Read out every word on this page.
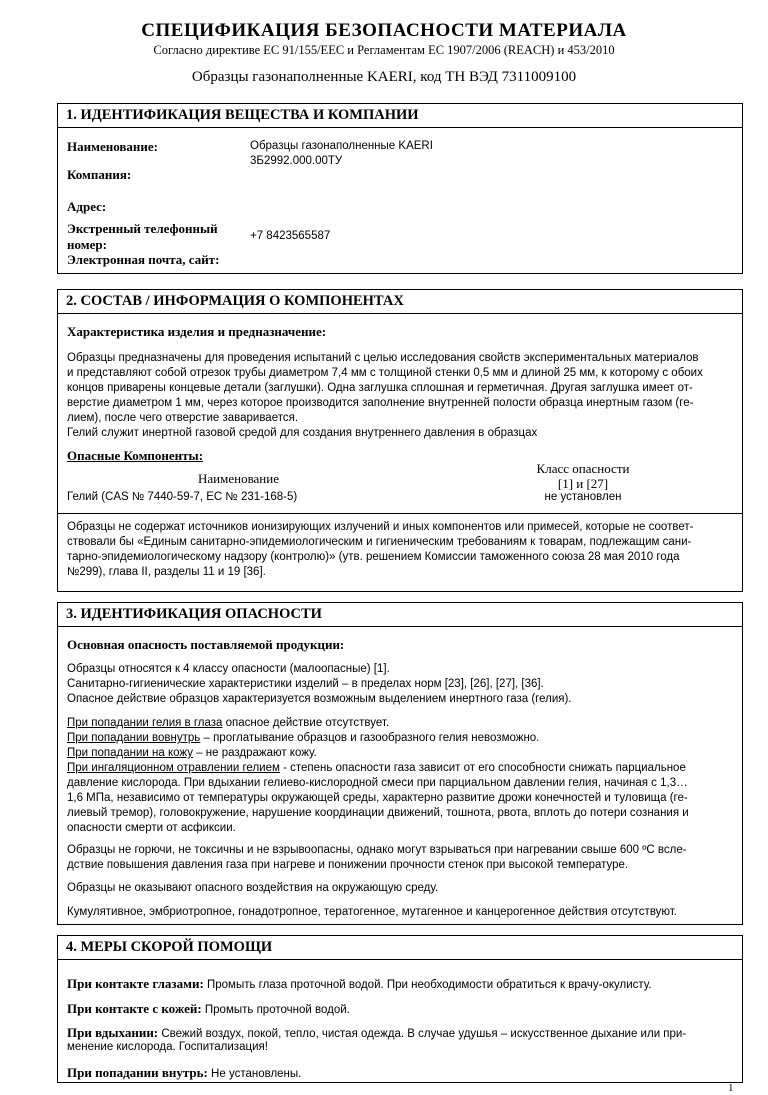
СПЕЦИФИКАЦИЯ БЕЗОПАСНОСТИ МАТЕРИАЛА
Согласно директиве ЕС 91/155/ЕЕС и Регламентам ЕС 1907/2006 (REACH) и 453/2010
Образцы газонаполненные KAERI, код ТН ВЭД 7311009100
1. ИДЕНТИФИКАЦИЯ ВЕЩЕСТВА И КОМПАНИИ
Наименование:	Образцы газонаполненные KAERI
3Б2992.000.00ТУ
Компания:
Адрес:
Экстренный телефонный
номер:
+7 8423565587
Электронная почта, сайт:
2. СОСТАВ / ИНФОРМАЦИЯ О КОМПОНЕНТАХ
Характеристика изделия и предназначение:
Образцы предназначены для проведения испытаний с целью исследования свойств экспериментальных материалов
и представляют собой отрезок трубы диаметром 7,4 мм с толщиной стенки 0,5 мм и длиной 25 мм, к которому с обоих
концов приварены концевые детали (заглушки). Одна заглушка сплошная и герметичная. Другая заглушка имеет от-
верстие диаметром 1 мм, через которое производится заполнение внутренней полости образца инертным газом (ге-
лием), после чего отверстие заваривается.
Гелий служит инертной газовой средой для создания внутреннего давления в образцах
Опасные Компоненты:
Наименование
Класс опасности
[1] и [27]
Гелий (CAS № 7440-59-7, EC № 231-168-5)	не установлен
Образцы не содержат источников ионизирующих излучений и иных компонентов или примесей, которые не соответ-
ствовали бы «Единым санитарно-эпидемиологическим и гигиеническим требованиям к товарам, подлежащим сани-
тарно-эпидемиологическому надзору (контролю)» (утв. решением Комиссии таможенного союза 28 мая 2010 года
№299), глава II, разделы 11 и 19 [36].
3. ИДЕНТИФИКАЦИЯ ОПАСНОСТИ
Основная опасность поставляемой продукции:
Образцы относятся к 4 классу опасности (малоопасные) [1].
Санитарно-гигиенические характеристики изделий – в пределах норм [23], [26], [27], [36].
Опасное действие образцов характеризуется возможным выделением инертного газа (гелия).
При попадании гелия в глаза опасное действие отсутствует.
При попадании вовнутрь – проглатывание образцов и газообразного гелия невозможно.
При попадании на кожу – не раздражают кожу.
При ингаляционном отравлении гелием - степень опасности газа зависит от его способности снижать парциальное
давление кислорода. При вдыхании гелиево-кислородной смеси при парциальном давлении гелия, начиная с 1,3…
1,6 МПа, независимо от температуры окружающей среды, характерно развитие дрожи конечностей и туловища (ге-
лиевый тремор), головокружение, нарушение координации движений, тошнота, рвота, вплоть до потери сознания и
опасности смерти от асфиксии.
Образцы не горючи, не токсичны и не взрывоопасны, однако могут взрываться при нагревании свыше 600 ºС всле-
дствие повышения давления газа при нагреве и понижении прочности стенок при высокой температуре.
Образцы не оказывают опасного воздействия на окружающую среду.
Кумулятивное, эмбриотропное, гонадотропное, тератогенное, мутагенное и канцерогенное действия отсутствуют.
4. МЕРЫ СКОРОЙ ПОМОЩИ
При контакте глазами: Промыть глаза проточной водой. При необходимости обратиться к врачу-окулисту.
При контакте с кожей: Промыть проточной водой.
При вдыхании: Свежий воздух, покой, тепло, чистая одежда. В случае удушья – искусственное дыхание или при-
менение кислорода. Госпитализация!
При попадании внутрь: Не установлены.
1
